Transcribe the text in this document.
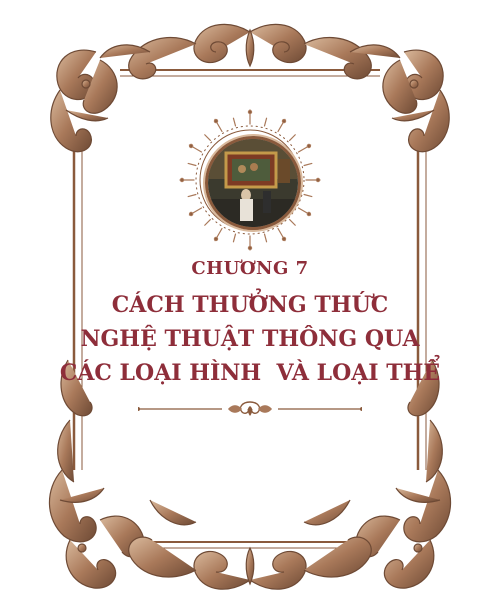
CHƯƠNG 7
CÁCH THƯỞNG THỨC
NGHỆ THUẬT THÔNG QUA
CÁC LOẠI HÌNH  VÀ LOẠI THỂ
